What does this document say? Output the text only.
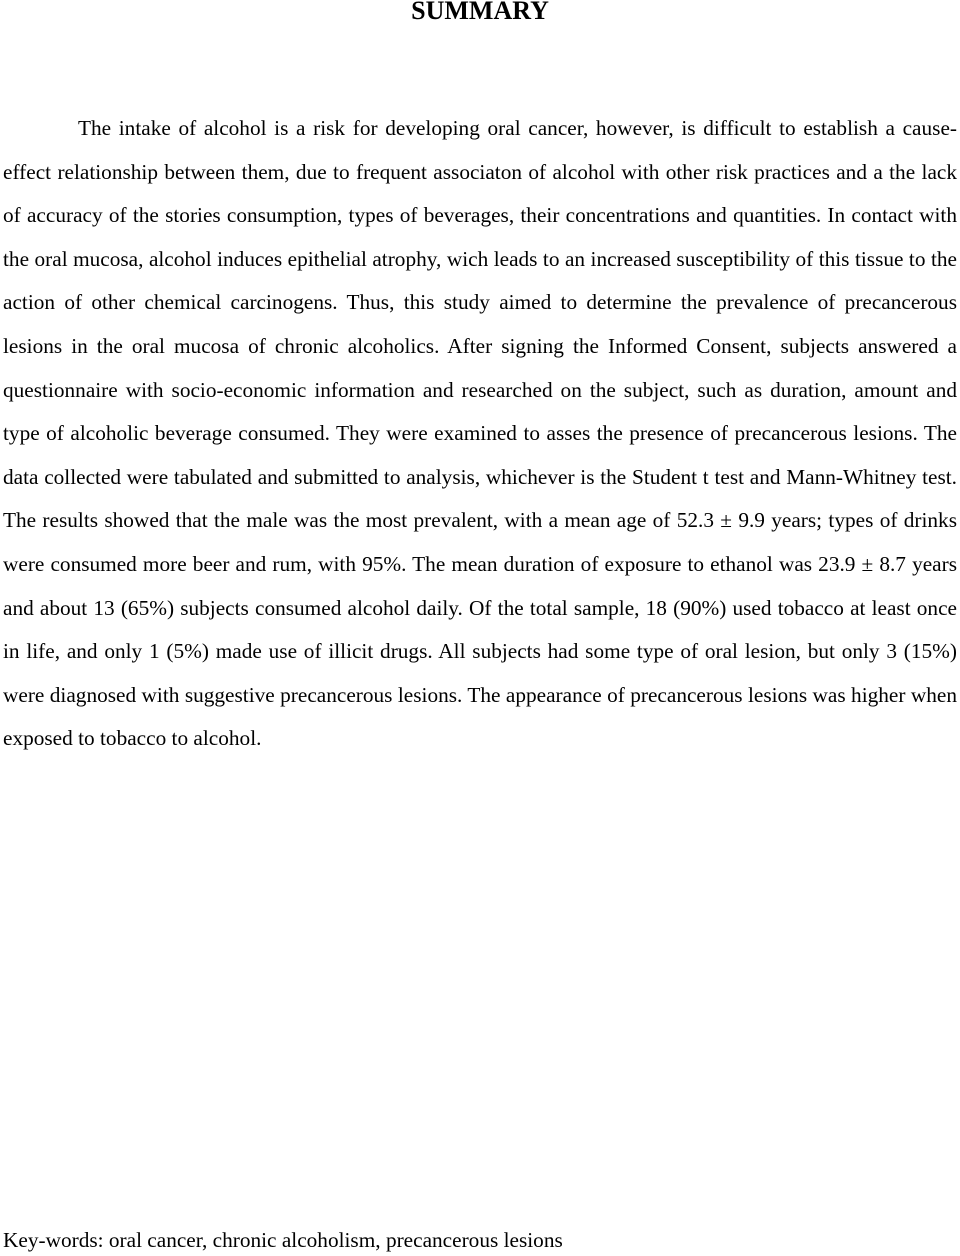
SUMMARY

The intake of alcohol is a risk for developing oral cancer, however, is difficult to establish a cause-effect relationship between them, due to frequent associaton of alcohol with other risk practices and a the lack of accuracy of the stories consumption, types of beverages, their concentrations and quantities. In contact with the oral mucosa, alcohol induces epithelial atrophy, wich leads to an increased susceptibility of this tissue to the action of other chemical carcinogens. Thus, this study aimed to determine the prevalence of precancerous lesions in the oral mucosa of chronic alcoholics. After signing the Informed Consent, subjects answered a questionnaire with socio-economic information and researched on the subject, such as duration, amount and type of alcoholic beverage consumed. They were examined to asses the presence of precancerous lesions. The data collected were tabulated and submitted to analysis, whichever is the Student t test and Mann-Whitney test. The results showed that the male was the most prevalent, with a mean age of 52.3 ± 9.9 years; types of drinks were consumed more beer and rum, with 95%. The mean duration of exposure to ethanol was 23.9 ± 8.7 years and about 13 (65%) subjects consumed alcohol daily. Of the total sample, 18 (90%) used tobacco at least once in life, and only 1 (5%) made use of illicit drugs. All subjects had some type of oral lesion, but only 3 (15%) were diagnosed with suggestive precancerous lesions. The appearance of precancerous lesions was higher when exposed to tobacco to alcohol.

Key-words: oral cancer, chronic alcoholism, precancerous lesions
